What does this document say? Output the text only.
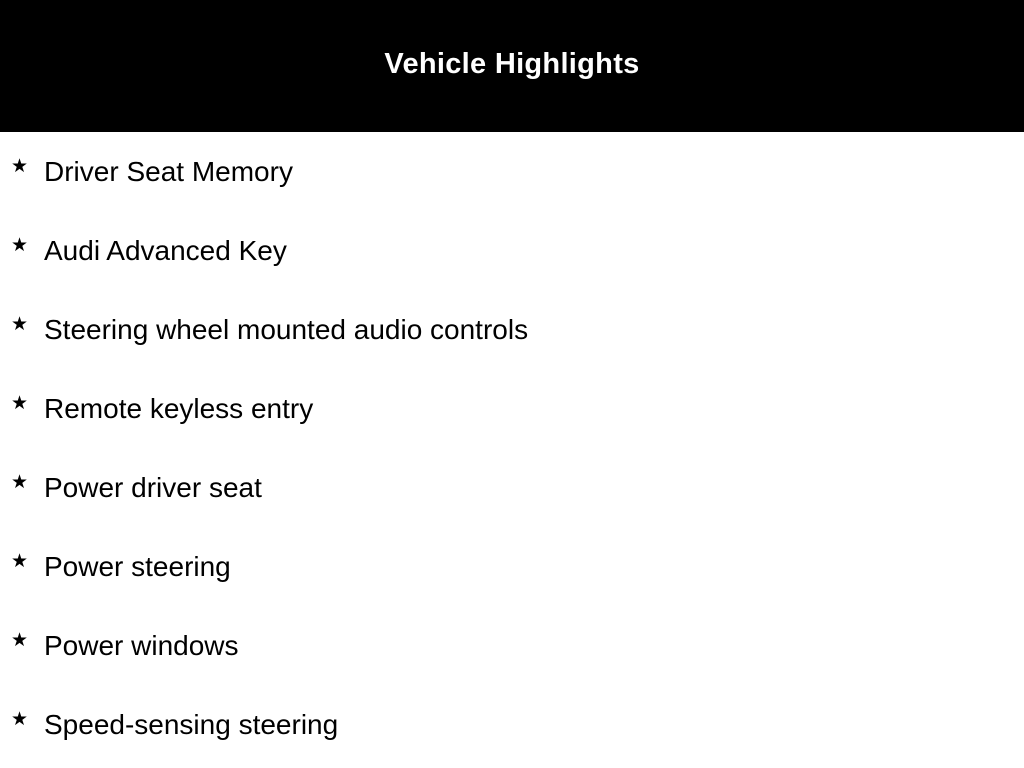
Vehicle Highlights
★ Driver Seat Memory
★ Audi Advanced Key
★ Steering wheel mounted audio controls
★ Remote keyless entry
★ Power driver seat
★ Power steering
★ Power windows
★ Speed-sensing steering
